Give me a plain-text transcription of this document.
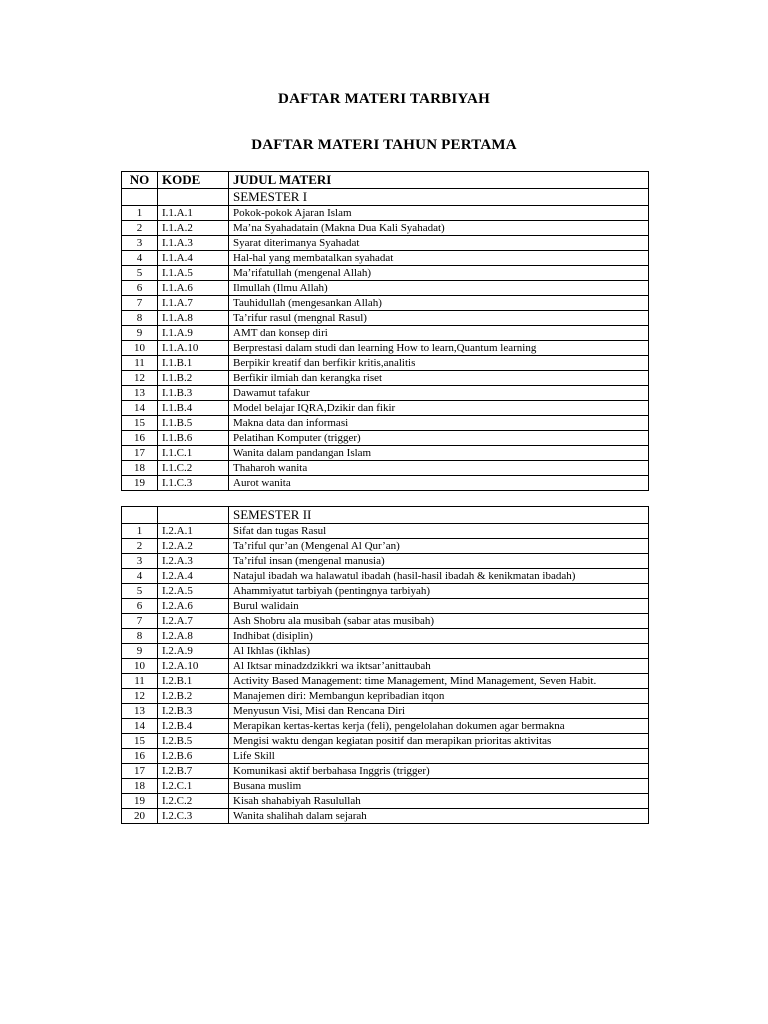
DAFTAR MATERI TARBIYAH
DAFTAR MATERI TAHUN PERTAMA
NO	KODE	JUDUL MATERI
		SEMESTER I
1	I.1.A.1	Pokok-pokok Ajaran Islam
2	I.1.A.2	Ma’na Syahadatain (Makna Dua Kali Syahadat)
3	I.1.A.3	Syarat diterimanya Syahadat
4	I.1.A.4	Hal-hal yang membatalkan syahadat
5	I.1.A.5	Ma’rifatullah (mengenal Allah)
6	I.1.A.6	Ilmullah (Ilmu Allah)
7	I.1.A.7	Tauhidullah (mengesankan Allah)
8	I.1.A.8	Ta’rifur rasul (mengnal Rasul)
9	I.1.A.9	AMT dan konsep diri
10	I.1.A.10	Berprestasi dalam studi dan learning How to learn,Quantum learning
11	I.1.B.1	Berpikir kreatif dan berfikir kritis,analitis
12	I.1.B.2	Berfikir ilmiah dan kerangka riset
13	I.1.B.3	Dawamut tafakur
14	I.1.B.4	Model belajar IQRA,Dzikir dan fikir
15	I.1.B.5	Makna data dan informasi
16	I.1.B.6	Pelatihan Komputer (trigger)
17	I.1.C.1	Wanita dalam pandangan Islam
18	I.1.C.2	Thaharoh wanita
19	I.1.C.3	Aurot wanita
		SEMESTER II
1	I.2.A.1	Sifat dan tugas Rasul
2	I.2.A.2	Ta’riful qur’an (Mengenal Al Qur’an)
3	I.2.A.3	Ta’riful insan (mengenal manusia)
4	I.2.A.4	Natajul ibadah wa halawatul ibadah (hasil-hasil ibadah & kenikmatan ibadah)
5	I.2.A.5	Ahammiyatut tarbiyah (pentingnya tarbiyah)
6	I.2.A.6	Burul walidain
7	I.2.A.7	Ash Shobru ala musibah (sabar atas musibah)
8	I.2.A.8	Indhibat (disiplin)
9	I.2.A.9	Al Ikhlas (ikhlas)
10	I.2.A.10	Al Iktsar minadzdzikkri wa iktsar’anittaubah
11	I.2.B.1	Activity Based Management: time Management, Mind Management, Seven Habit.
12	I.2.B.2	Manajemen diri: Membangun kepribadian itqon
13	I.2.B.3	Menyusun Visi, Misi dan Rencana Diri
14	I.2.B.4	Merapikan kertas-kertas kerja (feli), pengelolahan dokumen agar bermakna
15	I.2.B.5	Mengisi waktu dengan kegiatan positif dan merapikan prioritas aktivitas
16	I.2.B.6	Life Skill
17	I.2.B.7	Komunikasi aktif berbahasa Inggris (trigger)
18	I.2.C.1	Busana muslim
19	I.2.C.2	Kisah shahabiyah Rasulullah
20	I.2.C.3	Wanita shalihah dalam sejarah
